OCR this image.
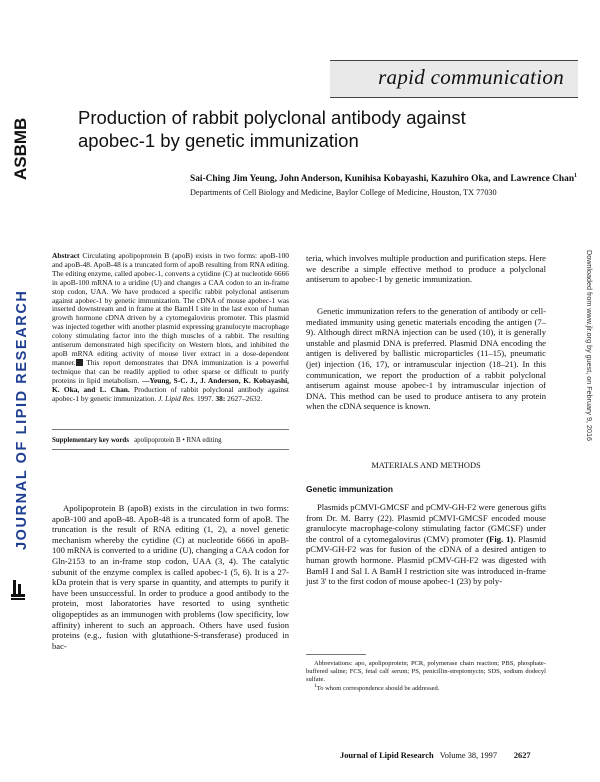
ASBMB
JOURNAL OF LIPID RESEARCH	Downloaded from www.jlr.org by guest, on February 9, 2016
rapid communication
Production of rabbit polyclonal antibody against apobec-1 by genetic immunization
Sai-Ching Jim Yeung, John Anderson, Kunihisa Kobayashi, Kazuhiro Oka, and Lawrence Chan$^1$
Departments of Cell Biology and Medicine, Baylor College of Medicine, Houston, TX 77030
Abstract Circulating apolipoprotein B (apoB) exists in two forms: apoB-100 and apoB-48. ApoB-48 is a truncated form of apoB resulting from RNA editing. The editing enzyme, called apobec-1, converts a cytidine (C) at nucleotide 6666 in apoB-100 mRNA to a uridine (U) and changes a CAA codon to an in-frame stop codon, UAA. We have produced a specific rabbit polyclonal antiserum against apobec-1 by genetic immunization. The cDNA of mouse apobec-1 was inserted downstream and in frame at the BamH I site in the last exon of human growth hormone cDNA driven by a cytomegalovirus promoter. This plasmid was injected together with another plasmid expressing granulocyte macrophage colony stimulating factor into the thigh muscles of a rabbit. The resulting antiserum demonstrated high specificity on Western blots, and inhibited the apoB mRNA editing activity of mouse liver extract in a dose-dependent manner. This report demonstrates that DNA immunization is a powerful technique that can be readily applied to other sparse or difficult to purify proteins in lipid metabolism. —Yeung, S-C. J., J. Anderson, K. Kobayashi, K. Oka, and L. Chan. Production of rabbit polyclonal antibody against apobec-1 by genetic immunization. J. Lipid Res. 1997. 38: 2627–2632.
Supplementary key words apolipoprotein B • RNA editing
Apolipoprotein B (apoB) exists in the circulation in two forms: apoB-100 and apoB-48. ApoB-48 is a truncated form of apoB. The truncation is the result of RNA editing (1, 2), a novel genetic mechanism whereby the cytidine (C) at nucleotide 6666 in apoB-100 mRNA is converted to a uridine (U), changing a CAA codon for Gln-2153 to an in-frame stop codon, UAA (3, 4). The catalytic subunit of the enzyme complex is called apobec-1 (5, 6). It is a 27-kDa protein that is very sparse in quantity, and attempts to purify it have been unsuccessful. In order to produce a good antibody to the protein, most laboratories have resorted to using synthetic oligopeptides as an immunogen with problems (low specificity, low affinity) inherent to such an approach. Others have used fusion proteins (e.g., fusion with glutathione-S-transferase) produced in bac-
teria, which involves multiple production and purification steps. Here we describe a simple effective method to produce a polyclonal antiserum to apobec-1 by genetic immunization.
Genetic immunization refers to the generation of antibody or cell-mediated immunity using genetic materials encoding the antigen (7–9). Although direct mRNA injection can be used (10), it is generally unstable and plasmid DNA is preferred. Plasmid DNA encoding the antigen is delivered by ballistic microparticles (11–15), pneumatic (jet) injection (16, 17), or intramuscular injection (18–21). In this communication, we report the production of a rabbit polyclonal antiserum against mouse apobec-1 by intramuscular injection of DNA. This method can be used to produce antisera to any protein when the cDNA sequence is known.
MATERIALS AND METHODS
Genetic immunization
Plasmids pCMVI-GMCSF and pCMV-GH-F2 were generous gifts from Dr. M. Barry (22). Plasmid pCMVI-GMCSF encoded mouse granulocyte macrophage-colony stimulating factor (GMCSF) under the control of a cytomegalovirus (CMV) promoter (Fig. 1). Plasmid pCMV-GH-F2 was for fusion of the cDNA of a desired antigen to human growth hormone. Plasmid pCMV-GH-F2 was digested with BamH I and Sal I. A BamH I restriction site was introduced in-frame just 3' to the first codon of mouse apobec-1 (23) by poly-
Abbreviations: apo, apolipoprotein; PCR, polymerase chain reaction; PBS, phosphate-buffered saline; FCS, fetal calf serum; PS, penicillin-streptomycin; SDS, sodium dodecyl sulfate.
$^1$To whom correspondence should be addressed.
Journal of Lipid Research Volume 38, 1997 2627
